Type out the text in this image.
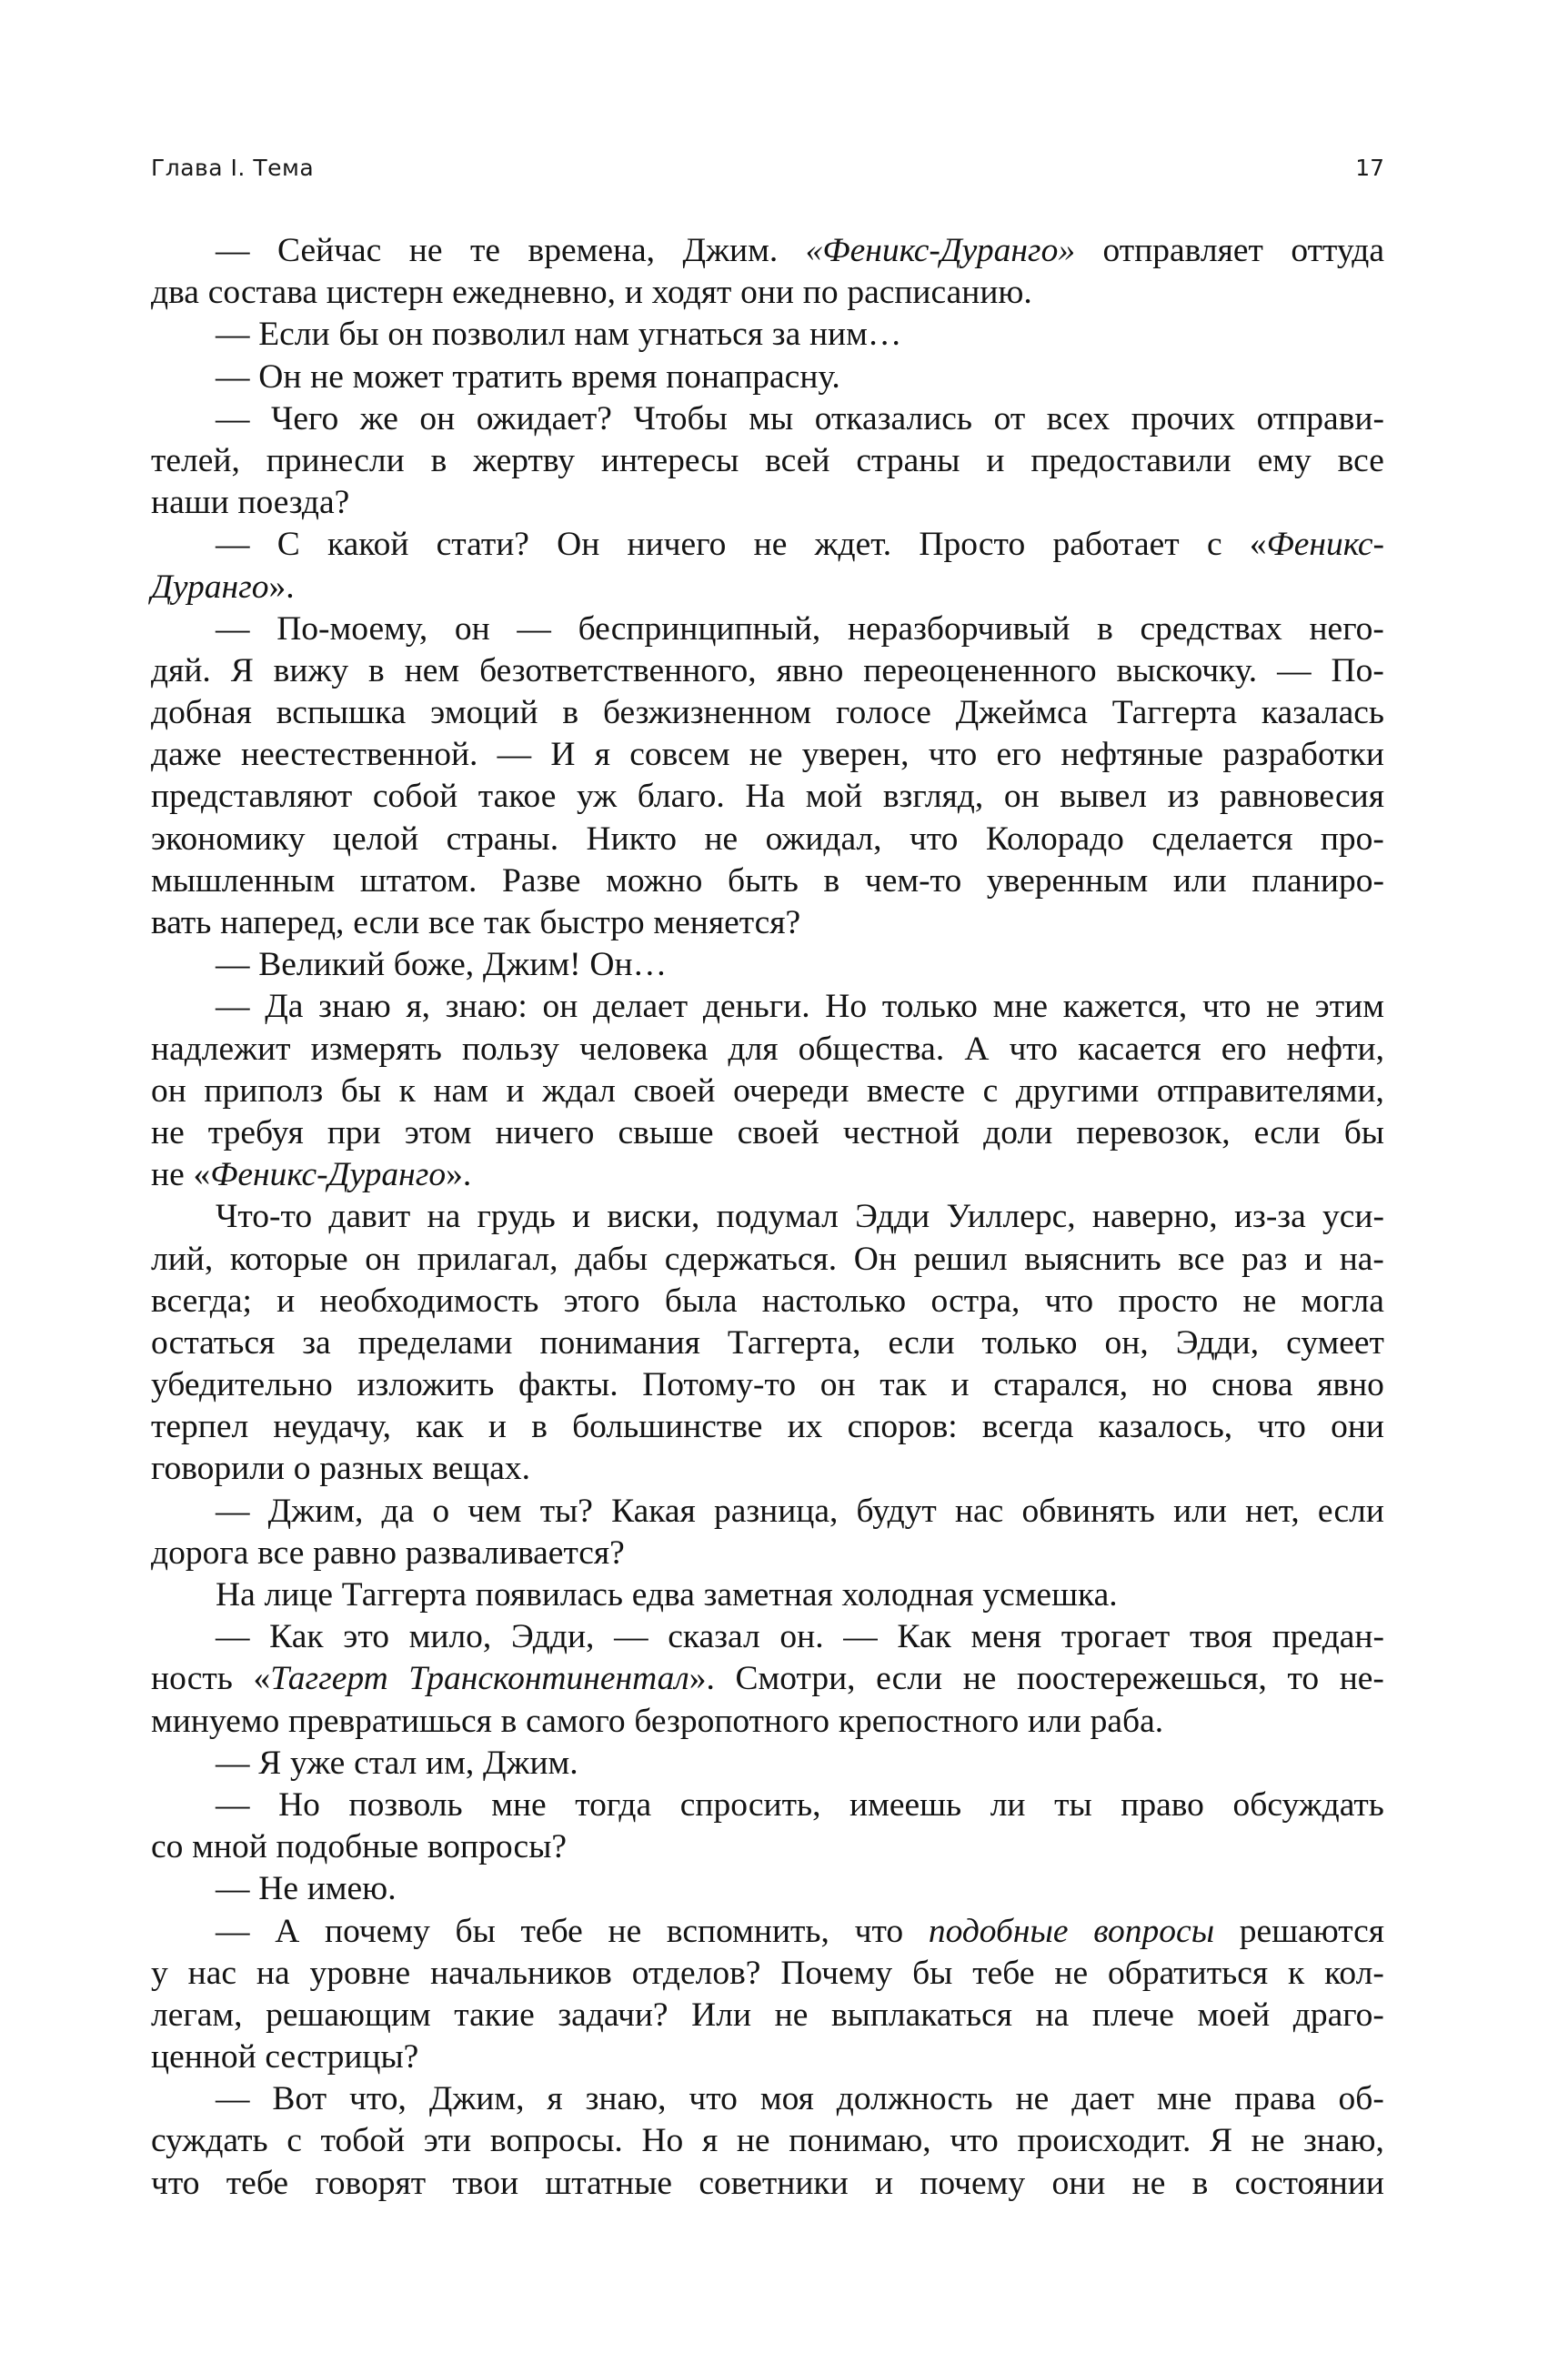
Глава I. Тема	17
— Сейчас не те времена, Джим. «Феникс-Дуранго» отправляет оттуда
два состава цистерн ежедневно, и ходят они по расписанию.
— Если бы он позволил нам угнаться за ним…
— Он не может тратить время понапрасну.
— Чего же он ожидает? Чтобы мы отказались от всех прочих отправи-
телей, принесли в жертву интересы всей страны и предоставили ему все
наши поезда?
— С какой стати? Он ничего не ждет. Просто работает с «Феникс-
Дуранго».
— По-моему, он — беспринципный, неразборчивый в средствах него-
дяй. Я вижу в нем безответственного, явно переоцененного выскочку. — По-
добная вспышка эмоций в безжизненном голосе Джеймса Таггерта казалась
даже неестественной. — И я совсем не уверен, что его нефтяные разработки
представляют собой такое уж благо. На мой взгляд, он вывел из равновесия
экономику целой страны. Никто не ожидал, что Колорадо сделается про-
мышленным штатом. Разве можно быть в чем-то уверенным или планиро-
вать наперед, если все так быстро меняется?
— Великий боже, Джим! Он…
— Да знаю я, знаю: он делает деньги. Но только мне кажется, что не этим
надлежит измерять пользу человека для общества. А что касается его нефти,
он приполз бы к нам и ждал своей очереди вместе с другими отправителями,
не требуя при этом ничего свыше своей честной доли перевозок, если бы
не «Феникс-Дуранго».
Что-то давит на грудь и виски, подумал Эдди Уиллерс, наверно, из-за уси-
лий, которые он прилагал, дабы сдержаться. Он решил выяснить все раз и на-
всегда; и необходимость этого была настолько остра, что просто не могла
остаться за пределами понимания Таггерта, если только он, Эдди, сумеет
убедительно изложить факты. Потому-то он так и старался, но снова явно
терпел неудачу, как и в большинстве их споров: всегда казалось, что они
говорили о разных вещах.
— Джим, да о чем ты? Какая разница, будут нас обвинять или нет, если
дорога все равно разваливается?
На лице Таггерта появилась едва заметная холодная усмешка.
— Как это мило, Эдди, — сказал он. — Как меня трогает твоя предан-
ность «Таггерт Трансконтинентал». Смотри, если не поостережешься, то не-
минуемо превратишься в самого безропотного крепостного или раба.
— Я уже стал им, Джим.
— Но позволь мне тогда спросить, имеешь ли ты право обсуждать
со мной подобные вопросы?
— Не имею.
— А почему бы тебе не вспомнить, что подобные вопросы решаются
у нас на уровне начальников отделов? Почему бы тебе не обратиться к кол-
легам, решающим такие задачи? Или не выплакаться на плече моей драго-
ценной сестрицы?
— Вот что, Джим, я знаю, что моя должность не дает мне права об-
суждать с тобой эти вопросы. Но я не понимаю, что происходит. Я не знаю,
что тебе говорят твои штатные советники и почему они не в состоянии
